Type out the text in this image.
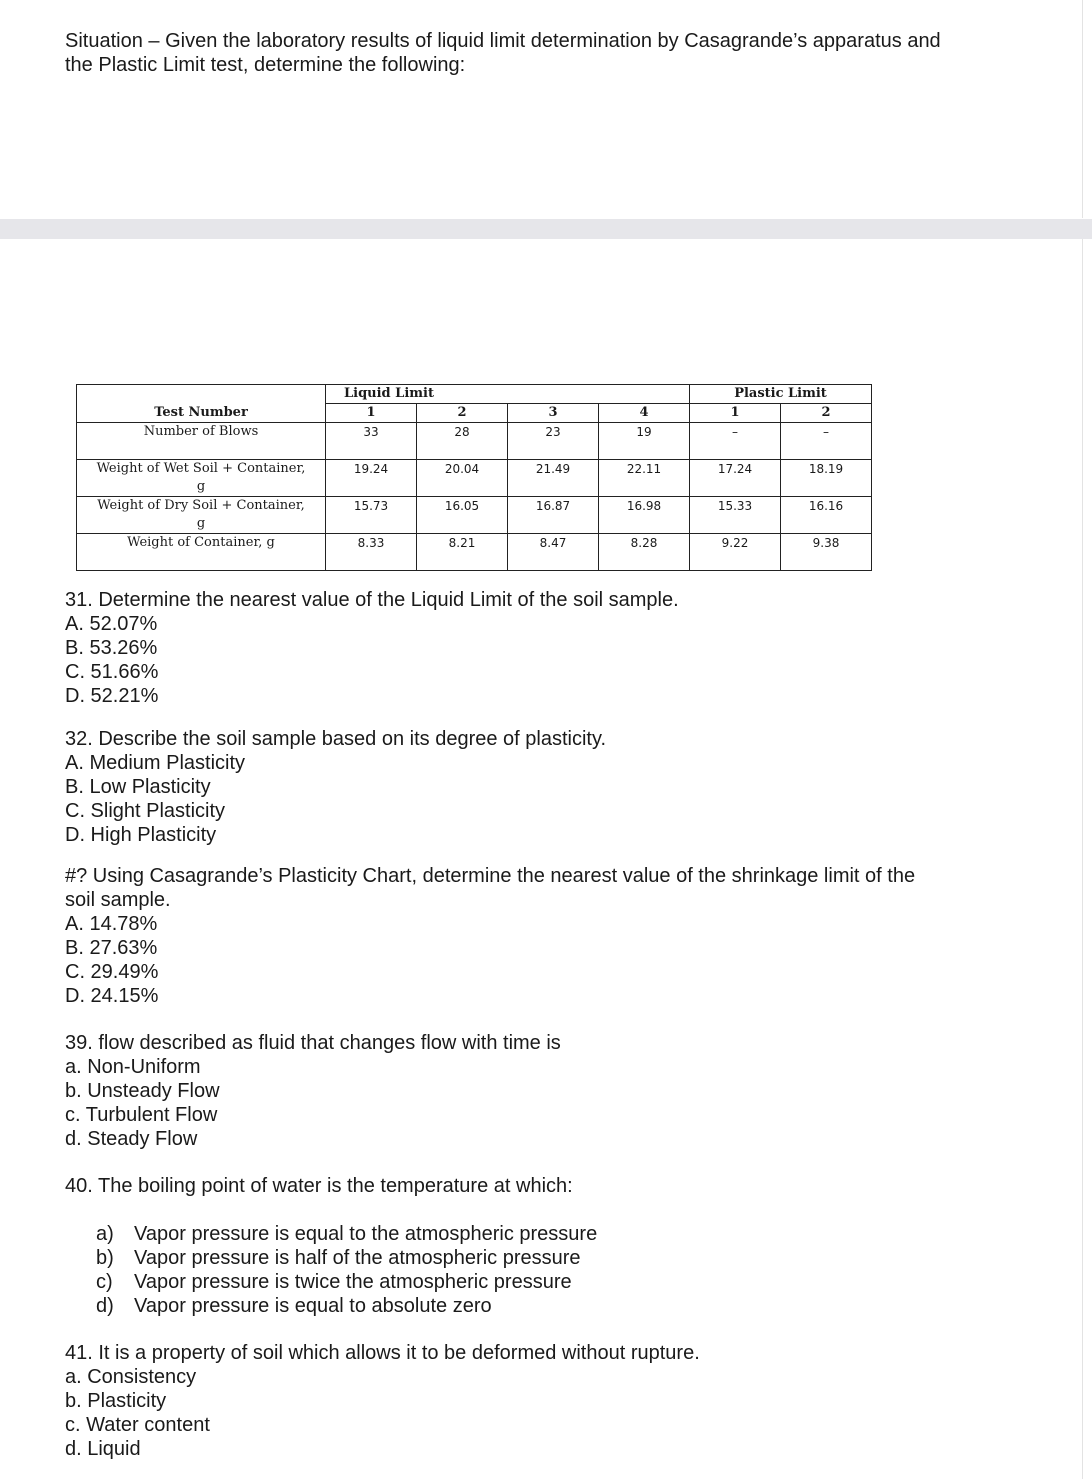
Situation – Given the laboratory results of liquid limit determination by Casagrande’s apparatus and the Plastic Limit test, determine the following:
	Liquid Limit				Plastic Limit	
Test Number	1	2	3	4	1	2
Number of Blows	33	28	23	19	–	–

Weight of Wet Soil + Container, g	19.24	20.04	21.49	22.11	17.24	18.19
Weight of Dry Soil + Container, g	15.73	16.05	16.87	16.98	15.33	16.16
Weight of Container, g	8.33	8.21	8.47	8.28	9.22	9.38

31. Determine the nearest value of the Liquid Limit of the soil sample.

A. 52.07%

B. 53.26%

C. 51.66%

D. 52.21%

32. Describe the soil sample based on its degree of plasticity.

A. Medium Plasticity

B. Low Plasticity

C. Slight Plasticity

D. High Plasticity

#? Using Casagrande’s Plasticity Chart, determine the nearest value of the shrinkage limit of the soil sample.

A. 14.78%

B. 27.63%

C. 29.49%

D. 24.15%

39. flow described as fluid that changes flow with time is

a. Non-Uniform

b. Unsteady Flow

c. Turbulent Flow

d. Steady Flow

40. The boiling point of water is the temperature at which:

a)	Vapor pressure is equal to the atmospheric pressure
b)	Vapor pressure is half of the atmospheric pressure
c)	Vapor pressure is twice the atmospheric pressure
d)	Vapor pressure is equal to absolute zero

41. It is a property of soil which allows it to be deformed without rupture.

a. Consistency

b. Plasticity

c. Water content

d. Liquid
